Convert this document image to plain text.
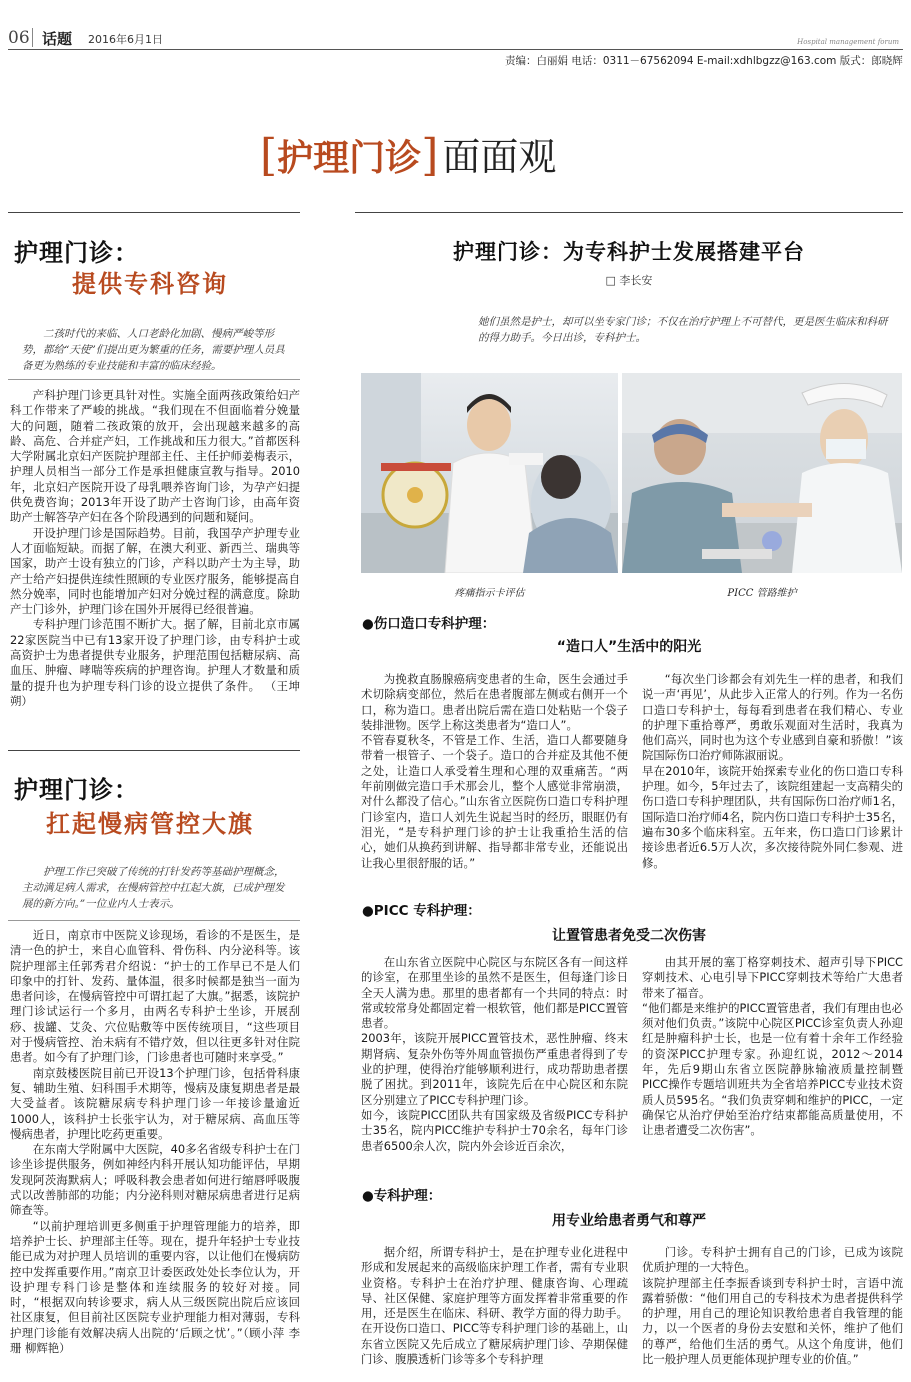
06 话题 2016年6月1日	Hospital management forum
责编：白丽娟 电话：0311－67562094 E-mail:xdhlbgzz@163.com 版式：郎晓辉
[护理门诊] 面面观
护理门诊：
提供专科咨询
二孩时代的来临、人口老龄化加剧、慢病严峻等形势，都给“天使”们提出更为繁重的任务，需要护理人员具备更为熟练的专业技能和丰富的临床经验。

产科护理门诊更具针对性。实施全面两孩政策给妇产科工作带来了严峻的挑战。“我们现在不但面临着分娩量大的问题，随着二孩政策的放开，会出现越来越多的高龄、高危、合并症产妇，工作挑战和压力很大。”首都医科大学附属北京妇产医院护理部主任、主任护师姜梅表示，护理人员相当一部分工作是承担健康宣教与指导。2010年，北京妇产医院开设了母乳喂养咨询门诊，为孕产妇提供免费咨询；2013年开设了助产士咨询门诊，由高年资助产士解答孕产妇在各个阶段遇到的问题和疑问。

开设护理门诊是国际趋势。目前，我国孕产护理专业人才面临短缺。而据了解，在澳大利亚、新西兰、瑞典等国家，助产士设有独立的门诊，产科以助产士为主导，助产士给产妇提供连续性照顾的专业医疗服务，能够提高自然分娩率，同时也能增加产妇对分娩过程的满意度。除助产士门诊外，护理门诊在国外开展得已经很普遍。

专科护理门诊范围不断扩大。据了解，目前北京市属22家医院当中已有13家开设了护理门诊，由专科护士或高资护士为患者提供专业服务，护理范围包括糖尿病、高血压、肿瘤、哮喘等疾病的护理咨询。护理人才数量和质量的提升也为护理专科门诊的设立提供了条件。 （王坤朔）

护理门诊：
扛起慢病管控大旗
护理工作已突破了传统的打针发药等基础护理概念，主动满足病人需求，在慢病管控中扛起大旗，已成护理发展的新方向。”一位业内人士表示。

近日，南京市中医院义诊现场，看诊的不是医生，是清一色的护士，来自心血管科、骨伤科、内分泌科等。该院护理部主任郭秀君介绍说：“护士的工作早已不是人们印象中的打针、发药、量体温，很多时候都是独当一面为患者问诊，在慢病管控中可谓扛起了大旗。”据悉，该院护理门诊试运行一个多月，由两名专科护士坐诊，开展刮痧、拔罐、艾灸、穴位贴敷等中医传统项目，“这些项目对于慢病管控、治未病有不错疗效，但以往更多针对住院患者。如今有了护理门诊，门诊患者也可随时来享受。”

南京鼓楼医院目前已开设13个护理门诊，包括骨科康复、辅助生殖、妇科围手术期等，慢病及康复期患者是最大受益者。该院糖尿病专科护理门诊一年接诊量逾近1000人，该科护士长张宇认为，对于糖尿病、高血压等慢病患者，护理比吃药更重要。

在东南大学附属中大医院，40多名省级专科护士在门诊坐诊提供服务，例如神经内科开展认知功能评估，早期发现阿茨海默病人；呼吸科教会患者如何进行缩唇呼吸腹式以改善肺部的功能；内分泌科则对糖尿病患者进行足病筛查等。

“以前护理培训更多侧重于护理管理能力的培养，即培养护士长、护理部主任等。现在，提升年轻护士专业技能已成为对护理人员培训的重要内容，以让他们在慢病防控中发挥重要作用。”南京卫计委医政处处长李位认为，开设护理专科门诊是整体和连续服务的较好对接。同时，“根据双向转诊要求，病人从三级医院出院后应该回社区康复，但目前社区医院专业护理能力相对薄弱，专科护理门诊能有效解决病人出院的‘后顾之忧’。”（顾小萍 李珊 柳辉艳）

护理门诊：为专科护士发展搭建平台
□ 李长安
她们虽然是护士，却可以坐专家门诊；不仅在治疗护理上不可替代，更是医生临床和科研的得力助手。今日出诊，专科护士。
疼痛指示卡评估	PICC 管路维护
●伤口造口专科护理：
“造口人”生活中的阳光
为挽救直肠腺癌病变患者的生命，医生会通过手术切除病变部位，然后在患者腹部左侧或右侧开一个口，称为造口。患者出院后需在造口处粘贴一个袋子装排泄物。医学上称这类患者为“造口人”。
不管春夏秋冬，不管是工作、生活，造口人都要随身带着一根管子、一个袋子。造口的合并症及其他不便之处，让造口人承受着生理和心理的双重痛苦。“两年前刚做完造口手术那会儿，整个人感觉非常崩溃，对什么都没了信心。”山东省立医院伤口造口专科护理门诊室内，造口人刘先生说起当时的经历，眼眶仍有泪光，“是专科护理门诊的护士让我重拾生活的信心，她们从换药到讲解、指导都非常专业，还能说出让我心里很舒服的话。”
“每次坐门诊都会有刘先生一样的患者，和我们说一声‘再见’，从此步入正常人的行列。作为一名伤口造口专科护士，每每看到患者在我们精心、专业的护理下重拾尊严，勇敢乐观面对生活时，我真为他们高兴，同时也为这个专业感到自豪和骄傲！”该院国际伤口治疗师陈淑丽说。
早在2010年，该院开始探索专业化的伤口造口专科护理。如今，5年过去了，该院组建起一支高精尖的伤口造口专科护理团队，共有国际伤口治疗师1名，国际造口治疗师4名，院内伤口造口专科护士35名，遍布30多个临床科室。五年来，伤口造口门诊累计接诊患者近6.5万人次，多次接待院外同仁参观、进修。
●PICC 专科护理：
让置管患者免受二次伤害
在山东省立医院中心院区与东院区各有一间这样的诊室，在那里坐诊的虽然不是医生，但每逢门诊日全天人满为患。那里的患者都有一个共同的特点：时常或较常身处都固定着一根软管，他们都是PICC置管患者。
2003年，该院开展PICC置管技术，恶性肿瘤、终末期肾病、复杂外伤等外周血管损伤严重患者得到了专业的护理，使得治疗能够顺利进行，成功帮助患者摆脱了困扰。到2011年，该院先后在中心院区和东院区分别建立了PICC专科护理门诊。
如今，该院PICC团队共有国家级及省级PICC专科护士35名，院内PICC维护专科护士70余名，每年门诊患者6500余人次，院内外会诊近百余次，
由其开展的塞丁格穿刺技术、超声引导下PICC穿刺技术、心电引导下PICC穿刺技术等给广大患者带来了福音。
“他们都是来维护的PICC置管患者，我们有理由也必须对他们负责。”该院中心院区PICC诊室负责人孙迎红是肿瘤科护士长，也是一位有着十余年工作经验的资深PICC护理专家。孙迎红说，2012～2014年，先后9期山东省立医院静脉输液质量控制暨PICC操作专题培训班共为全省培养PICC专业技术资质人员595名。“我们负责穿刺和维护的PICC，一定确保它从治疗伊始至治疗结束都能高质量使用，不让患者遭受二次伤害”。
●专科护理：
用专业给患者勇气和尊严
据介绍，所谓专科护士，是在护理专业化进程中形成和发展起来的高级临床护理工作者，需有专业职业资格。专科护士在治疗护理、健康咨询、心理疏导、社区保健、家庭护理等方面发挥着非常重要的作用，还是医生在临床、科研、教学方面的得力助手。在开设伤口造口、PICC等专科护理门诊的基础上，山东省立医院又先后成立了糖尿病护理门诊、孕期保健门诊、腹膜透析门诊等多个专科护理
门诊。专科护士拥有自己的门诊，已成为该院优质护理的一大特色。
该院护理部主任李振香谈到专科护士时，言语中流露着骄傲：“他们用自己的专科技术为患者提供科学的护理，用自己的理论知识教给患者自我管理的能力，以一个医者的身份去安慰和关怀，维护了他们的尊严，给他们生活的勇气。从这个角度讲，他们比一般护理人员更能体现护理专业的价值。”
